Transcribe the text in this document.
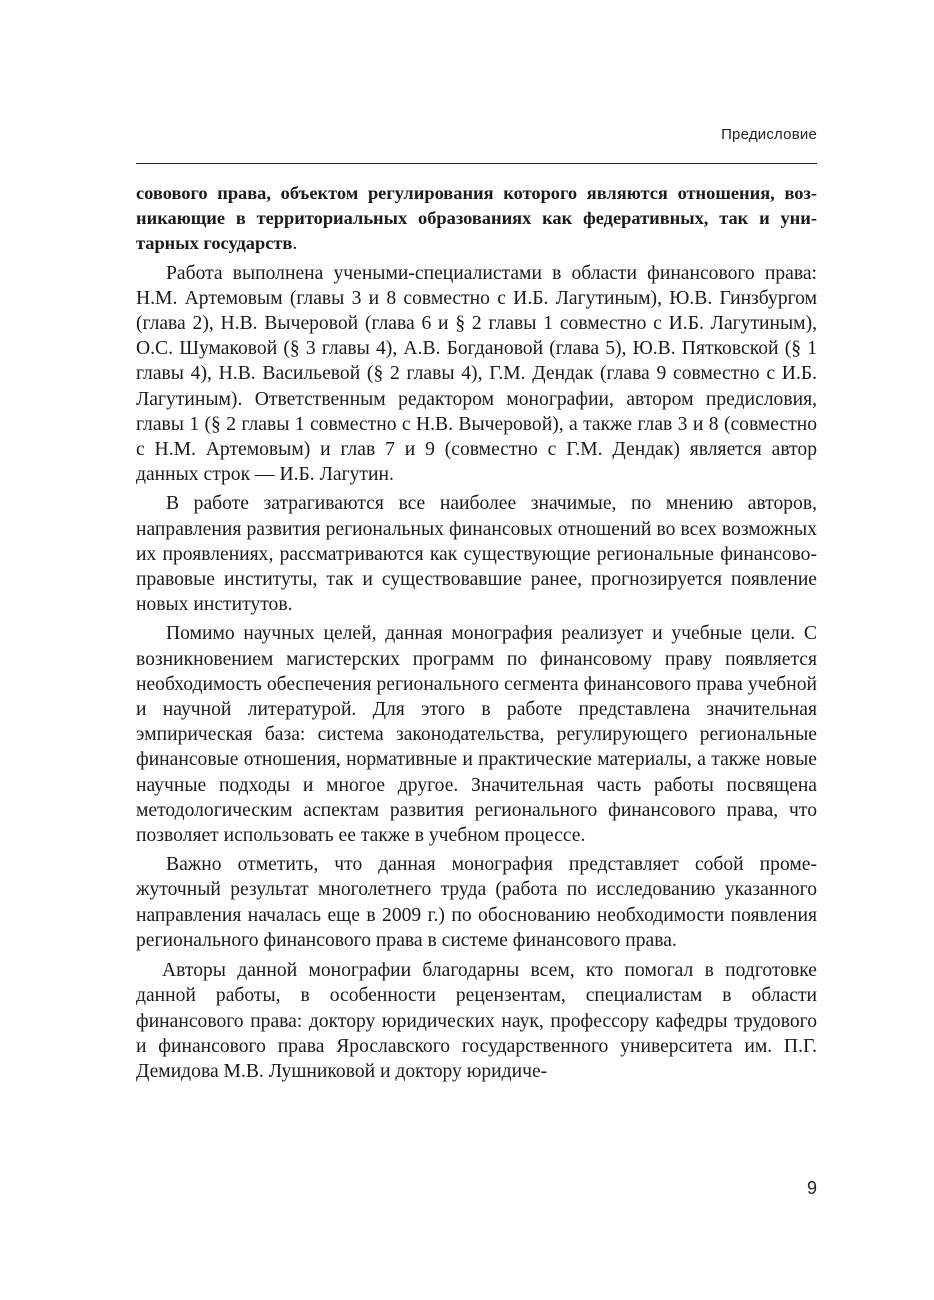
Предисловие

совового права, объектом регулирования которого являются отношения, возникающие в территориальных образованиях как федеративных, так и унитарных государств.

Работа выполнена учеными-специалистами в области финансового права: Н.М. Артемовым (главы 3 и 8 совместно с И.Б. Лагутиным), Ю.В. Гинзбургом (глава 2), Н.В. Вычеровой (глава 6 и § 2 главы 1 совместно с И.Б. Лагутиным), О.С. Шумаковой (§ 3 главы 4), А.В. Богдановой (глава 5), Ю.В. Пятковской (§ 1 главы 4), Н.В. Васильевой (§ 2 главы 4), Г.М. Дендак (глава 9 совместно с И.Б. Лагутиным). Ответственным редактором монографии, автором предисловия, главы 1 (§ 2 главы 1 совместно с Н.В. Вычеровой), а также глав 3 и 8 (совместно с Н.М. Артемовым) и глав 7 и 9 (совместно с Г.М. Дендак) является автор данных строк — И.Б. Лагутин.

В работе затрагиваются все наиболее значимые, по мнению авторов, направления развития региональных финансовых отношений во всех возможных их проявлениях, рассматриваются как существующие региональные финансово-правовые институты, так и существовавшие ранее, прогнозируется появление новых институтов.

Помимо научных целей, данная монография реализует и учебные цели. С возникновением магистерских программ по финансовому праву появляется необходимость обеспечения регионального сегмента финансового права учебной и научной литературой. Для этого в работе представлена значительная эмпирическая база: система законодательства, регулирующего региональные финансовые отношения, нормативные и практические материалы, а также новые научные подходы и многое другое. Значительная часть работы посвящена методологическим аспектам развития регионального финансового права, что позволяет использовать ее также в учебном процессе.

Важно отметить, что данная монография представляет собой промежуточный результат многолетнего труда (работа по исследованию указанного направления началась еще в 2009 г.) по обоснованию необходимости появления регионального финансового права в системе финансового права.

Авторы данной монографии благодарны всем, кто помогал в подготовке данной работы, в особенности рецензентам, специалистам в области финансового права: доктору юридических наук, профессору кафедры трудового и финансового права Ярославского государственного университета им. П.Г. Демидова М.В. Лушниковой и доктору юридиче-

9
